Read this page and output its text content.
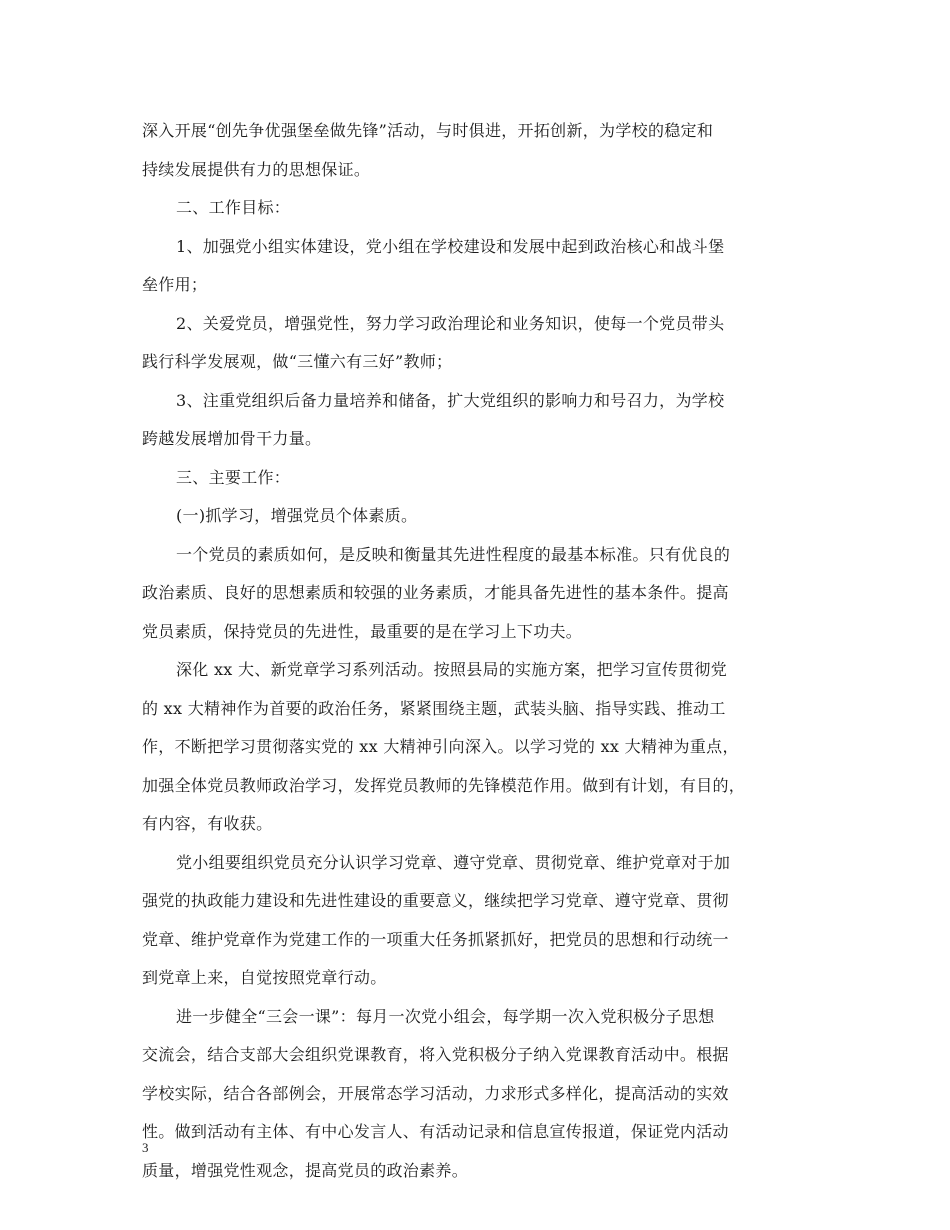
深入开展“创先争优强堡垒做先锋”活动，与时俱进，开拓创新，为学校的稳定和
持续发展提供有力的思想保证。
二、工作目标：
1、加强党小组实体建设，党小组在学校建设和发展中起到政治核心和战斗堡
垒作用；
2、关爱党员，增强党性，努力学习政治理论和业务知识，使每一个党员带头
践行科学发展观，做“三懂六有三好”教师；
3、注重党组织后备力量培养和储备，扩大党组织的影响力和号召力，为学校
跨越发展增加骨干力量。
三、主要工作：
(一)抓学习，增强党员个体素质。
一个党员的素质如何，是反映和衡量其先进性程度的最基本标准。只有优良的
政治素质、良好的思想素质和较强的业务素质，才能具备先进性的基本条件。提高
党员素质，保持党员的先进性，最重要的是在学习上下功夫。
深化 xx 大、新党章学习系列活动。按照县局的实施方案，把学习宣传贯彻党
的 xx 大精神作为首要的政治任务，紧紧围绕主题，武装头脑、指导实践、推动工
作，不断把学习贯彻落实党的 xx 大精神引向深入。以学习党的 xx 大精神为重点，
加强全体党员教师政治学习，发挥党员教师的先锋模范作用。做到有计划，有目的，
有内容，有收获。
党小组要组织党员充分认识学习党章、遵守党章、贯彻党章、维护党章对于加
强党的执政能力建设和先进性建设的重要意义，继续把学习党章、遵守党章、贯彻
党章、维护党章作为党建工作的一项重大任务抓紧抓好，把党员的思想和行动统一
到党章上来，自觉按照党章行动。
进一步健全“三会一课”：每月一次党小组会，每学期一次入党积极分子思想
交流会，结合支部大会组织党课教育，将入党积极分子纳入党课教育活动中。根据
学校实际，结合各部例会，开展常态学习活动，力求形式多样化，提高活动的实效
性。做到活动有主体、有中心发言人、有活动记录和信息宣传报道，保证党内活动
质量，增强党性观念，提高党员的政治素养。
3
